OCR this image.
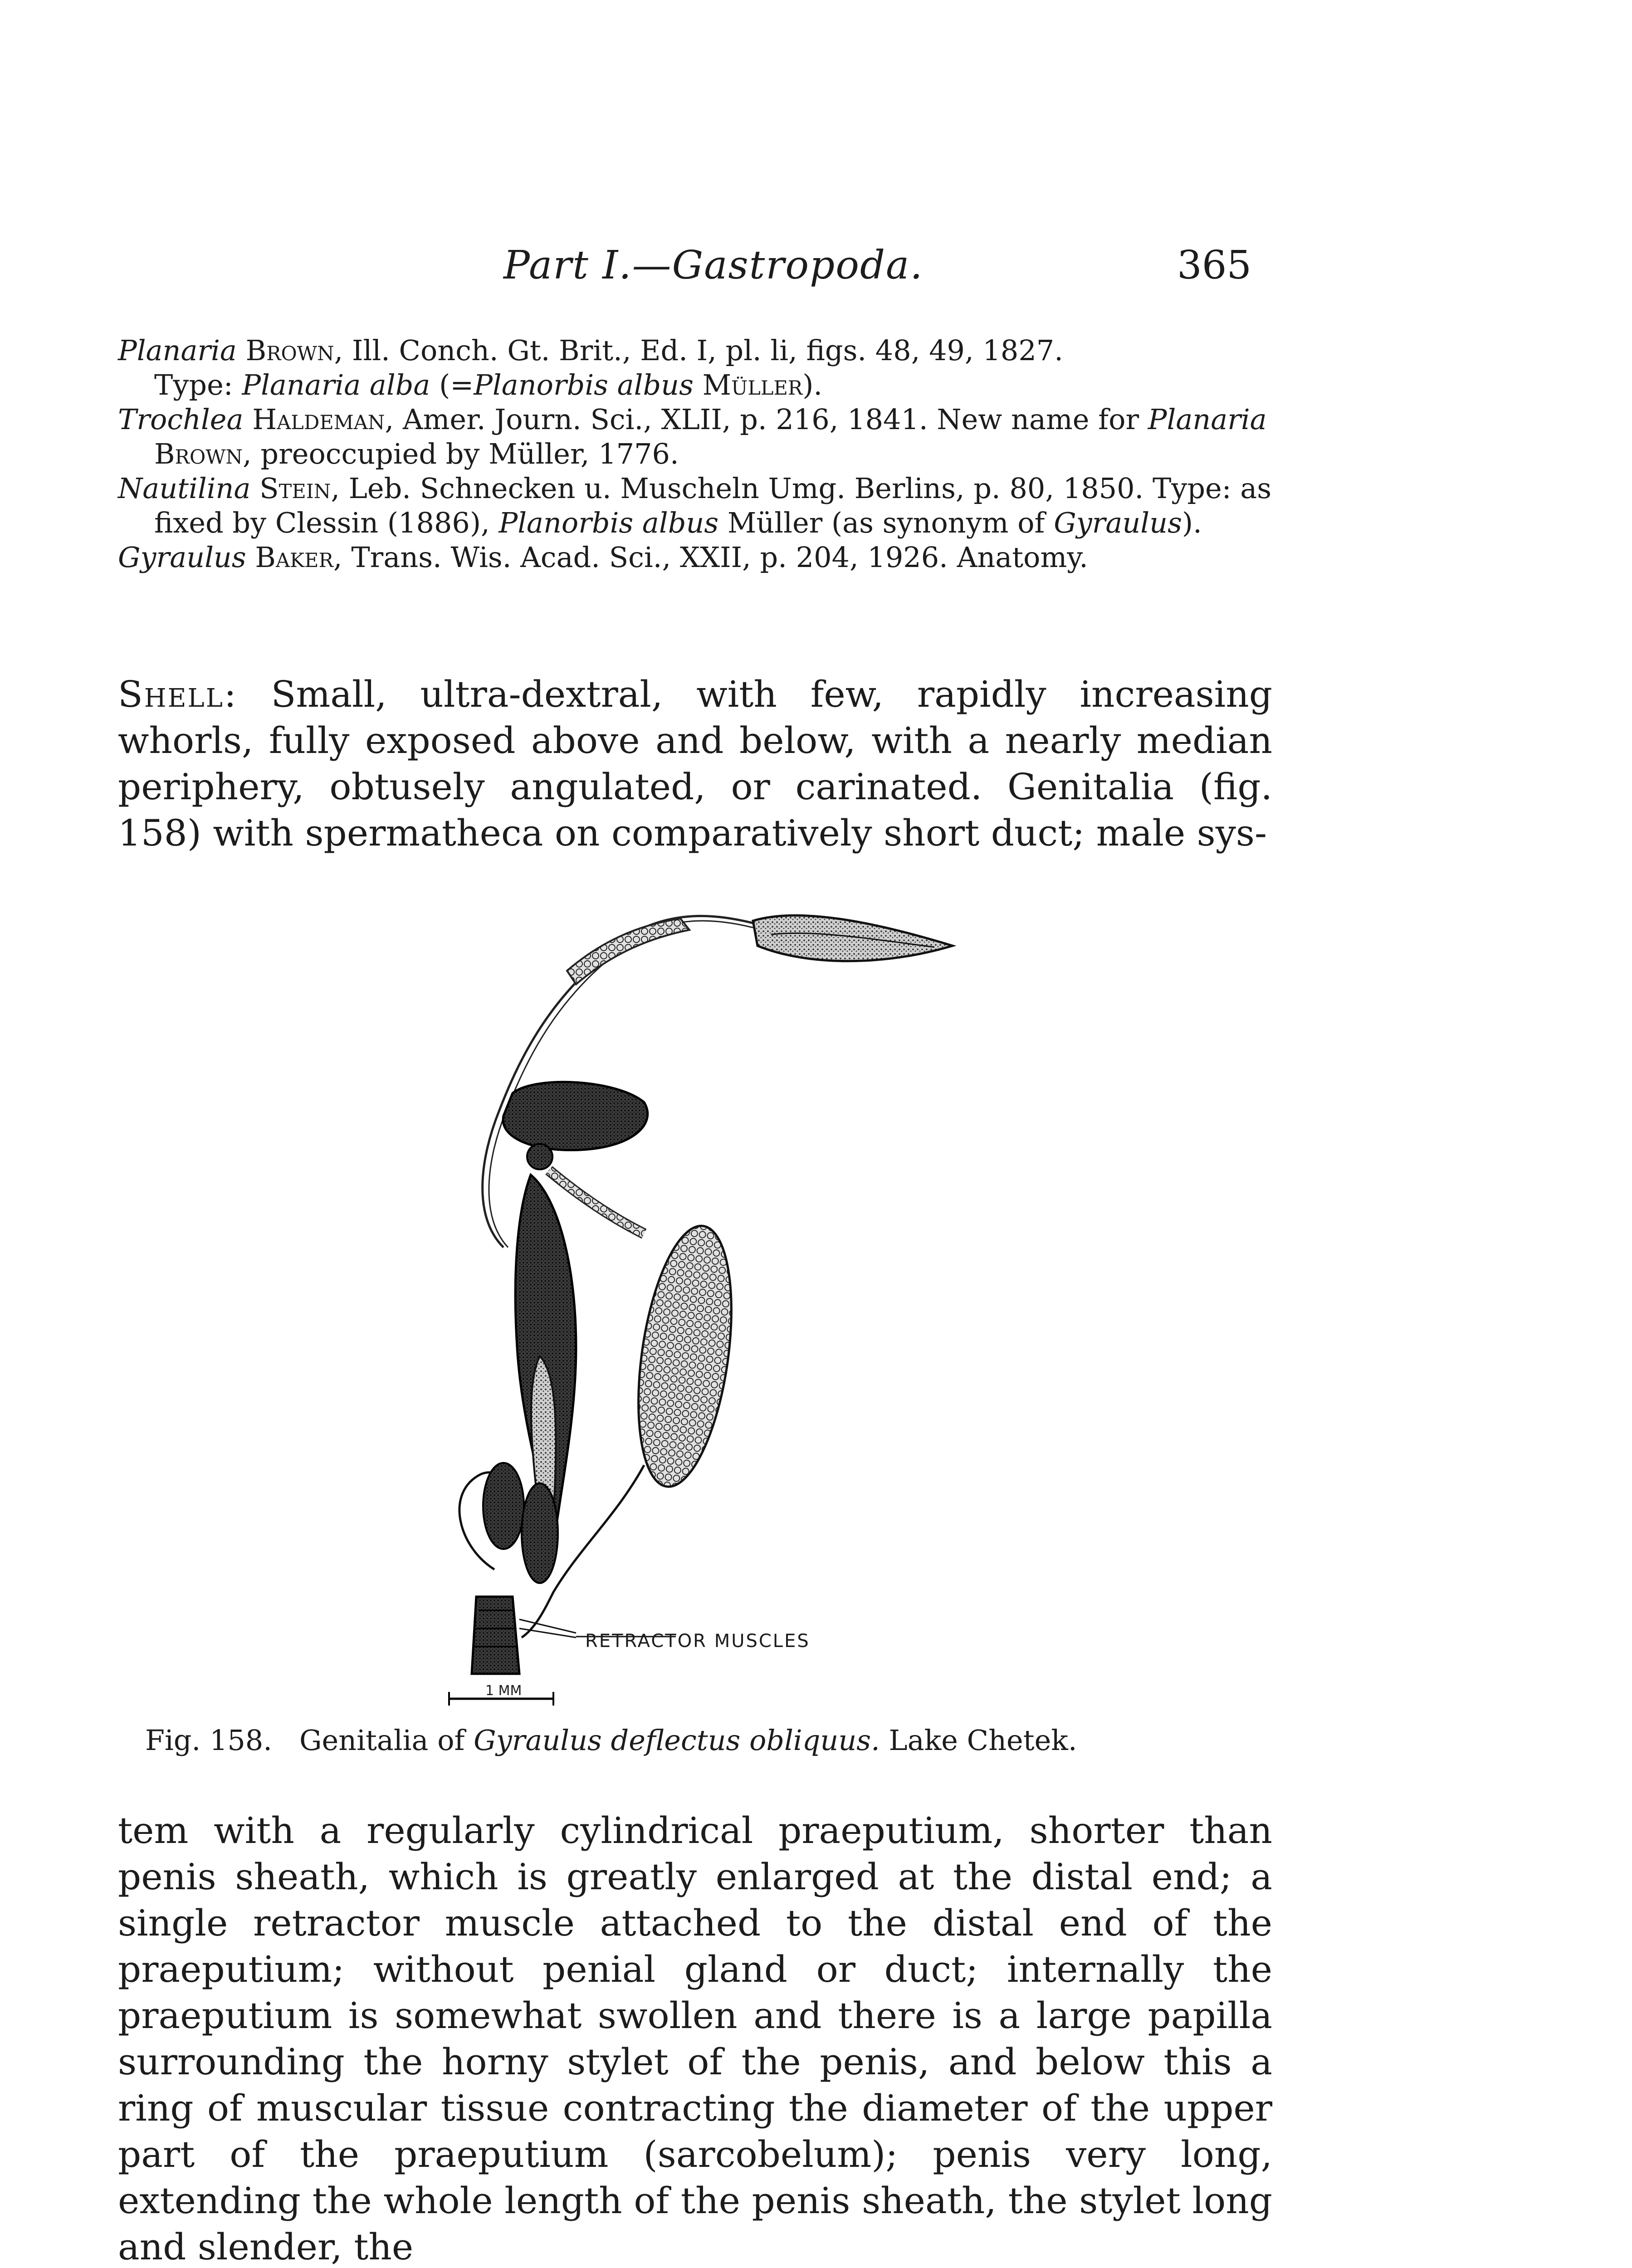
Part I.—Gastropoda.	365

Planaria Brown, Ill. Conch. Gt. Brit., Ed. I, pl. li, figs. 48, 49, 1827.
Type: Planaria alba (=Planorbis albus Müller).

Trochlea Haldeman, Amer. Journ. Sci., XLII, p. 216, 1841. New name for Planaria Brown, preoccupied by Müller, 1776.

Nautilina Stein, Leb. Schnecken u. Muscheln Umg. Berlins, p. 80, 1850. Type: as fixed by Clessin (1886), Planorbis albus Müller (as synonym of Gyraulus).

Gyraulus Baker, Trans. Wis. Acad. Sci., XXII, p. 204, 1926. Anatomy.

Shell: Small, ultra-dextral, with few, rapidly increasing whorls, fully exposed above and below, with a nearly median periphery, obtusely angulated, or carinated. Genitalia (fig. 158) with spermatheca on comparatively short duct; male sys-

RETRACTOR MUSCLES
1 MM
Fig. 158. Genitalia of Gyraulus deflectus obliquus. Lake Chetek.

tem with a regularly cylindrical praeputium, shorter than penis sheath, which is greatly enlarged at the distal end; a single retractor muscle attached to the distal end of the praeputium; without penial gland or duct; internally the praeputium is somewhat swollen and there is a large papilla surrounding the horny stylet of the penis, and below this a ring of muscular tissue contracting the diameter of the upper part of the praeputium (sarcobelum); penis very long, extending the whole length of the penis sheath, the stylet long and slender, the
